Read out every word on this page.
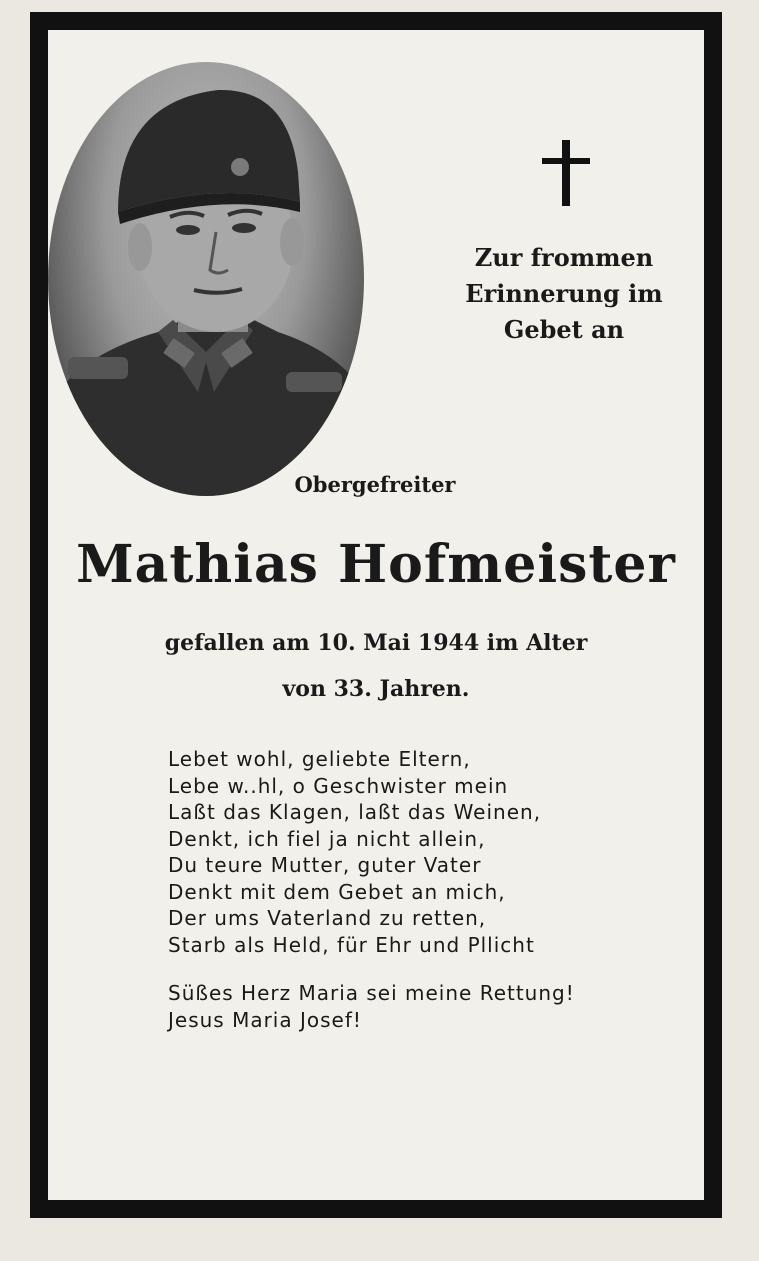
Zur frommen
Erinnerung im
Gebet an
Obergefreiter
Mathias Hofmeister
gefallen am 10. Mai 1944 im Alter
von 33. Jahren.
Lebet wohl, geliebte Eltern,
Lebe w..hl, o Geschwister mein
Laßt das Klagen, laßt das Weinen,
Denkt, ich fiel ja nicht allein,
Du teure Mutter, guter Vater
Denkt mit dem Gebet an mich,
Der ums Vaterland zu retten,
Starb als Held, für Ehr und Pllicht
Süßes Herz Maria sei meine Rettung!
Jesus Maria Josef!
